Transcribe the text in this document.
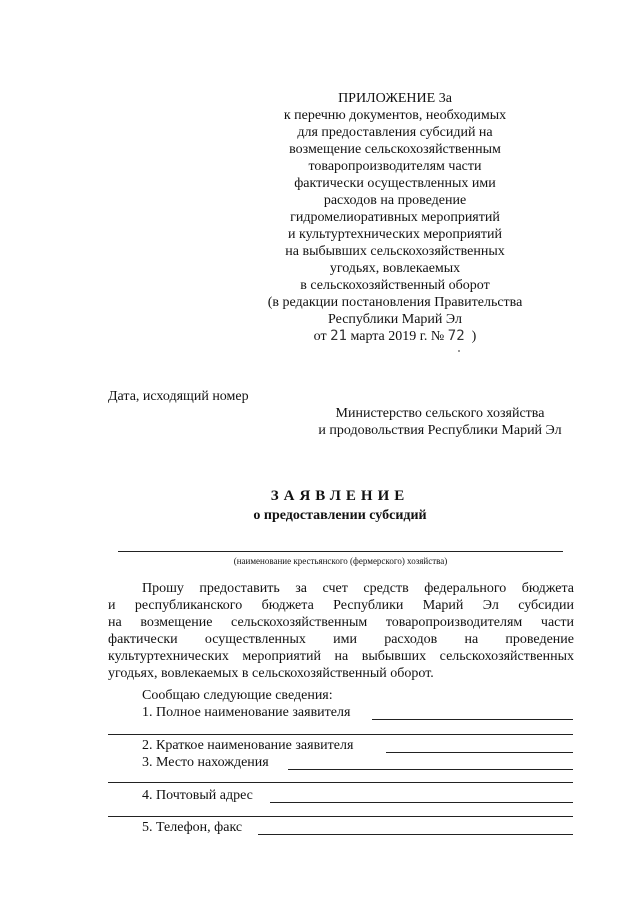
ПРИЛОЖЕНИЕ 3а
к перечню документов, необходимых
для предоставления субсидий на
возмещение сельскохозяйственным
товаропроизводителям части
фактически осуществленных ими
расходов на проведение
гидромелиоративных мероприятий
и культуртехнических мероприятий
на выбывших сельскохозяйственных
угодьях, вовлекаемых
в сельскохозяйственный оборот
(в редакции постановления Правительства
Республики Марий Эл
от 21 марта 2019 г. № 72 )
Дата, исходящий номер
Министерство сельского хозяйства
и продовольствия Республики Марий Эл
ЗАЯВЛЕНИЕ
о предоставлении субсидий
(наименование крестьянского (фермерского) хозяйства)
Прошу предоставить за счет средств федерального бюджета
и республиканского бюджета Республики Марий Эл субсидии
на возмещение сельскохозяйственным товаропроизводителям части
фактически осуществленных ими расходов на проведение
культуртехнических мероприятий на выбывших сельскохозяйственных угодьях, вовлекаемых в сельскохозяйственный оборот.
Сообщаю следующие сведения:
1. Полное наименование заявителя
2. Краткое наименование заявителя
3. Место нахождения
4. Почтовый адрес
5. Телефон, факс
